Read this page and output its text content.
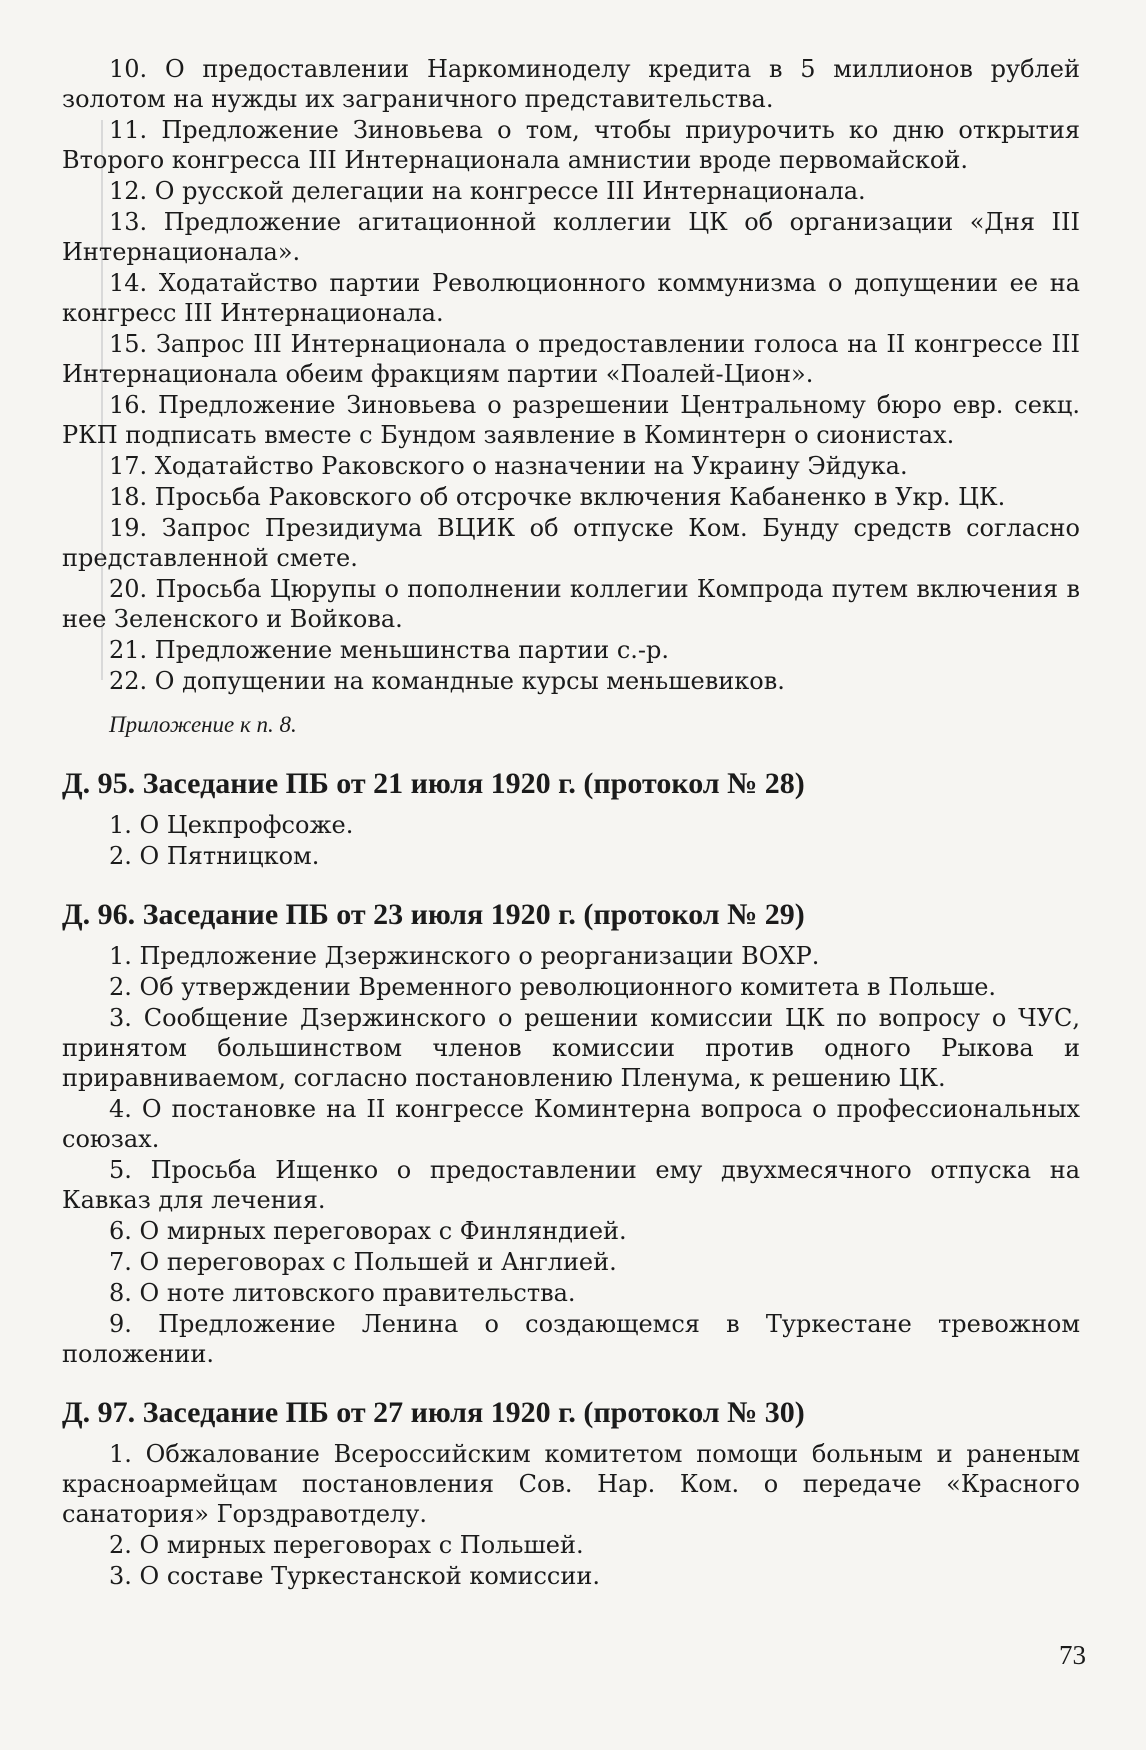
10. О предоставлении Наркоминоделу кредита в 5 миллионов рублей золотом на нужды их заграничного представительства.

11. Предложение Зиновьева о том, чтобы приурочить ко дню открытия Второго конгресса III Интернационала амнистии вроде первомайской.

12. О русской делегации на конгрессе III Интернационала.

13. Предложение агитационной коллегии ЦК об организации «Дня III Интернационала».

14. Ходатайство партии Революционного коммунизма о допущении ее на конгресс III Интернационала.

15. Запрос III Интернационала о предоставлении голоса на II конгрессе III Интернационала обеим фракциям партии «Поалей-Цион».

16. Предложение Зиновьева о разрешении Центральному бюро евр. секц. РКП подписать вместе с Бундом заявление в Коминтерн о сионистах.

17. Ходатайство Раковского о назначении на Украину Эйдука.

18. Просьба Раковского об отсрочке включения Кабаненко в Укр. ЦК.

19. Запрос Президиума ВЦИК об отпуске Ком. Бунду средств согласно представленной смете.

20. Просьба Цюрупы о пополнении коллегии Компрода путем включения в нее Зеленского и Войкова.

21. Предложение меньшинства партии с.-р.

22. О допущении на командные курсы меньшевиков.

Приложение к п. 8.

Д. 95. Заседание ПБ от 21 июля 1920 г. (протокол № 28)

1. О Цекпрофсоже.

2. О Пятницком.

Д. 96. Заседание ПБ от 23 июля 1920 г. (протокол № 29)

1. Предложение Дзержинского о реорганизации ВОХР.

2. Об утверждении Временного революционного комитета в Польше.

3. Сообщение Дзержинского о решении комиссии ЦК по вопросу о ЧУС, принятом большинством членов комиссии против одного Рыкова и приравниваемом, согласно постановлению Пленума, к решению ЦК.

4. О постановке на II конгрессе Коминтерна вопроса о профессиональных союзах.

5. Просьба Ищенко о предоставлении ему двухмесячного отпуска на Кавказ для лечения.

6. О мирных переговорах с Финляндией.

7. О переговорах с Польшей и Англией.

8. О ноте литовского правительства.

9. Предложение Ленина о создающемся в Туркестане тревожном положении.

Д. 97. Заседание ПБ от 27 июля 1920 г. (протокол № 30)

1. Обжалование Всероссийским комитетом помощи больным и раненым красноармейцам постановления Сов. Нар. Ком. о передаче «Красного санатория» Горздравотделу.

2. О мирных переговорах с Польшей.

3. О составе Туркестанской комиссии.

73
